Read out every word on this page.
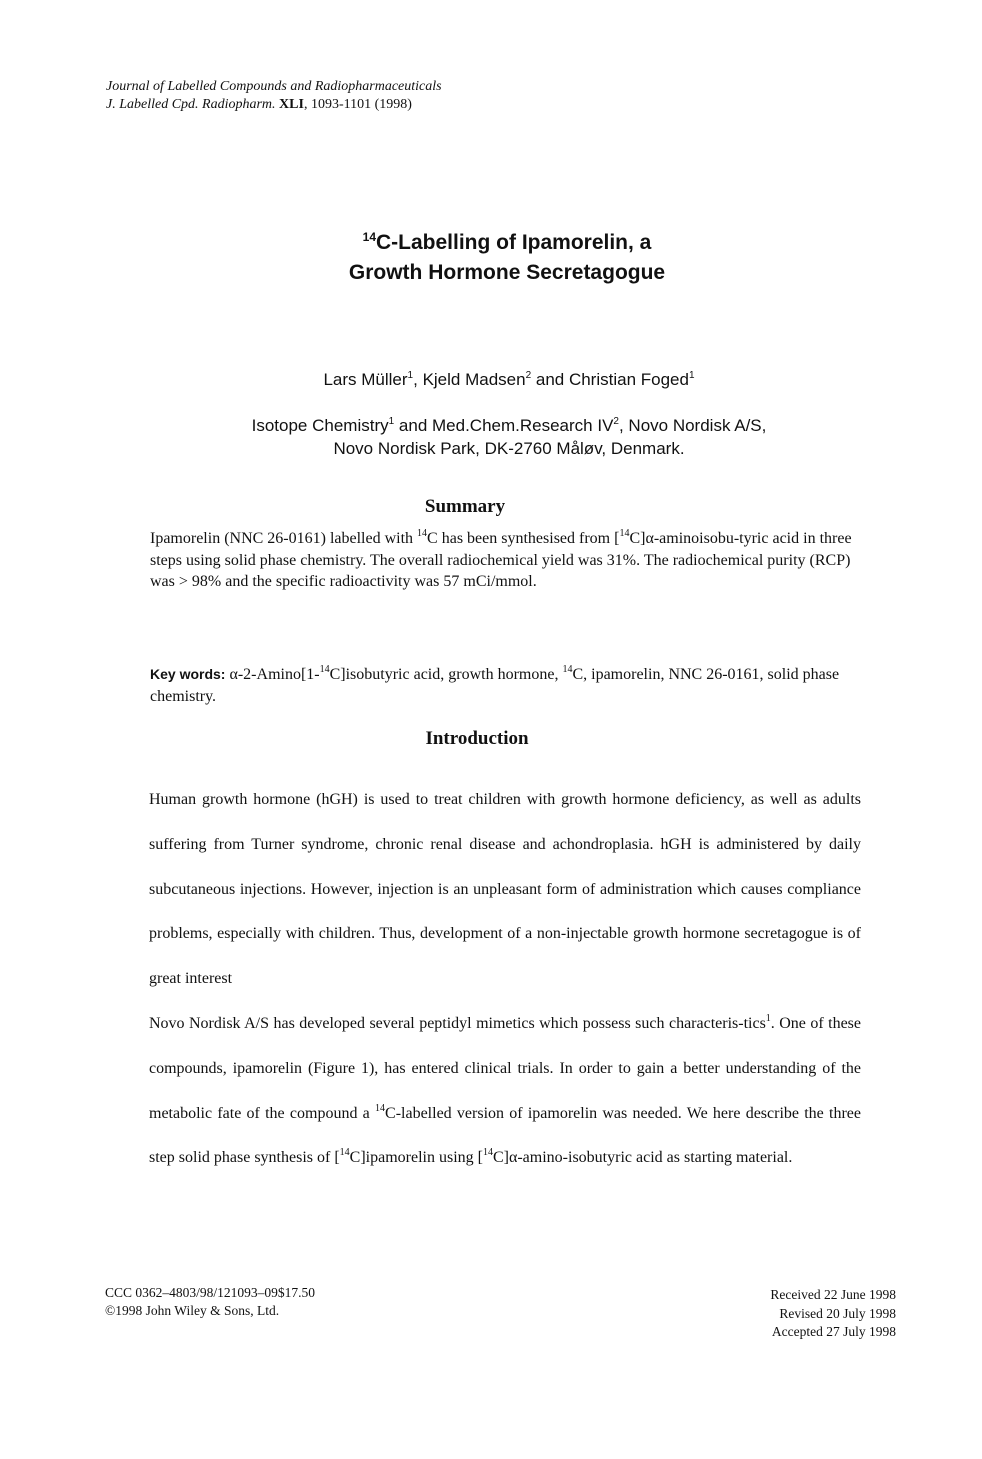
Journal of Labelled Compounds and Radiopharmaceuticals
J. Labelled Cpd. Radiopharm. XLI, 1093-1101 (1998)
$^{14}$C-Labelling of Ipamorelin, a
Growth Hormone Secretagogue
Lars Müller$^1$, Kjeld Madsen$^2$ and Christian Foged$^1$
Isotope Chemistry$^1$ and Med.Chem.Research $IV^2$, Novo Nordisk A/S,
Novo Nordisk Park, DK-2760 Måløv, Denmark.
Summary
Ipamorelin (NNC 26-0161) labelled with $^{14}$C has been synthesised from [$^{14}$C]α-aminoisobu-tyric acid in three steps using solid phase chemistry. The overall radiochemical yield was 31%. The radiochemical purity (RCP) was > 98% and the specific radioactivity was 57 mCi/mmol.
Key words: α-2-Amino[1-$^{14}$C]isobutyric acid, growth hormone, $^{14}$C, ipamorelin, NNC 26-0161, solid phase chemistry.
Introduction

Human growth hormone (hGH) is used to treat children with growth hormone deficiency, as well as adults suffering from Turner syndrome, chronic renal disease and achondroplasia. hGH is administered by daily subcutaneous injections. However, injection is an unpleasant form of administration which causes compliance problems, especially with children. Thus, development of a non-injectable growth hormone secretagogue is of great interest

Novo Nordisk A/S has developed several peptidyl mimetics which possess such characteris-tics$^1$. One of these compounds, ipamorelin (Figure 1), has entered clinical trials. In order to gain a better understanding of the metabolic fate of the compound a $^{14}$C-labelled version of ipamorelin was needed. We here describe the three step solid phase synthesis of [$^{14}$C]ipamorelin using [$^{14}$C]α-amino-isobutyric acid as starting material.

CCC 0362–4803/98/121093–09$17.50
©1998 John Wiley & Sons, Ltd.
Received 22 June 1998
Revised 20 July 1998
Accepted 27 July 1998
